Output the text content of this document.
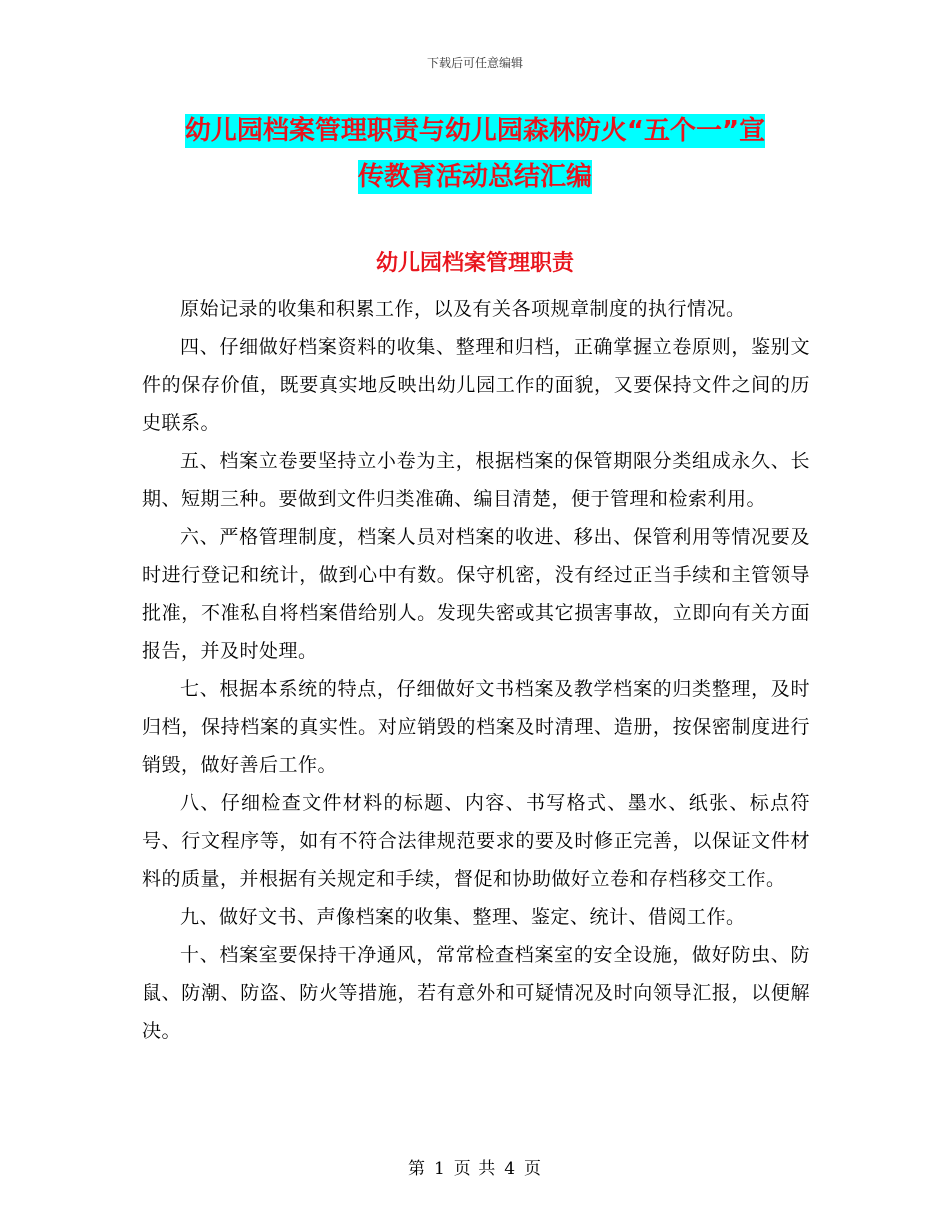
下载后可任意编辑
幼儿园档案管理职责与幼儿园森林防火“五个一”宣
传教育活动总结汇编
幼儿园档案管理职责

原始记录的收集和积累工作，以及有关各项规章制度的执行情况。

四、仔细做好档案资料的收集、整理和归档，正确掌握立卷原则，鉴别文件的保存价值，既要真实地反映出幼儿园工作的面貌，又要保持文件之间的历史联系。

五、档案立卷要坚持立小卷为主，根据档案的保管期限分类组成永久、长期、短期三种。要做到文件归类准确、编目清楚，便于管理和检索利用。

六、严格管理制度，档案人员对档案的收进、移出、保管利用等情况要及时进行登记和统计，做到心中有数。保守机密，没有经过正当手续和主管领导批准，不准私自将档案借给别人。发现失密或其它损害事故，立即向有关方面报告，并及时处理。

七、根据本系统的特点，仔细做好文书档案及教学档案的归类整理，及时归档，保持档案的真实性。对应销毁的档案及时清理、造册，按保密制度进行销毁，做好善后工作。

八、仔细检查文件材料的标题、内容、书写格式、墨水、纸张、标点符号、行文程序等，如有不符合法律规范要求的要及时修正完善，以保证文件材料的质量，并根据有关规定和手续，督促和协助做好立卷和存档移交工作。

九、做好文书、声像档案的收集、整理、鉴定、统计、借阅工作。

十、档案室要保持干净通风，常常检查档案室的安全设施，做好防虫、防鼠、防潮、防盗、防火等措施，若有意外和可疑情况及时向领导汇报，以便解决。

第 1 页 共 4 页
